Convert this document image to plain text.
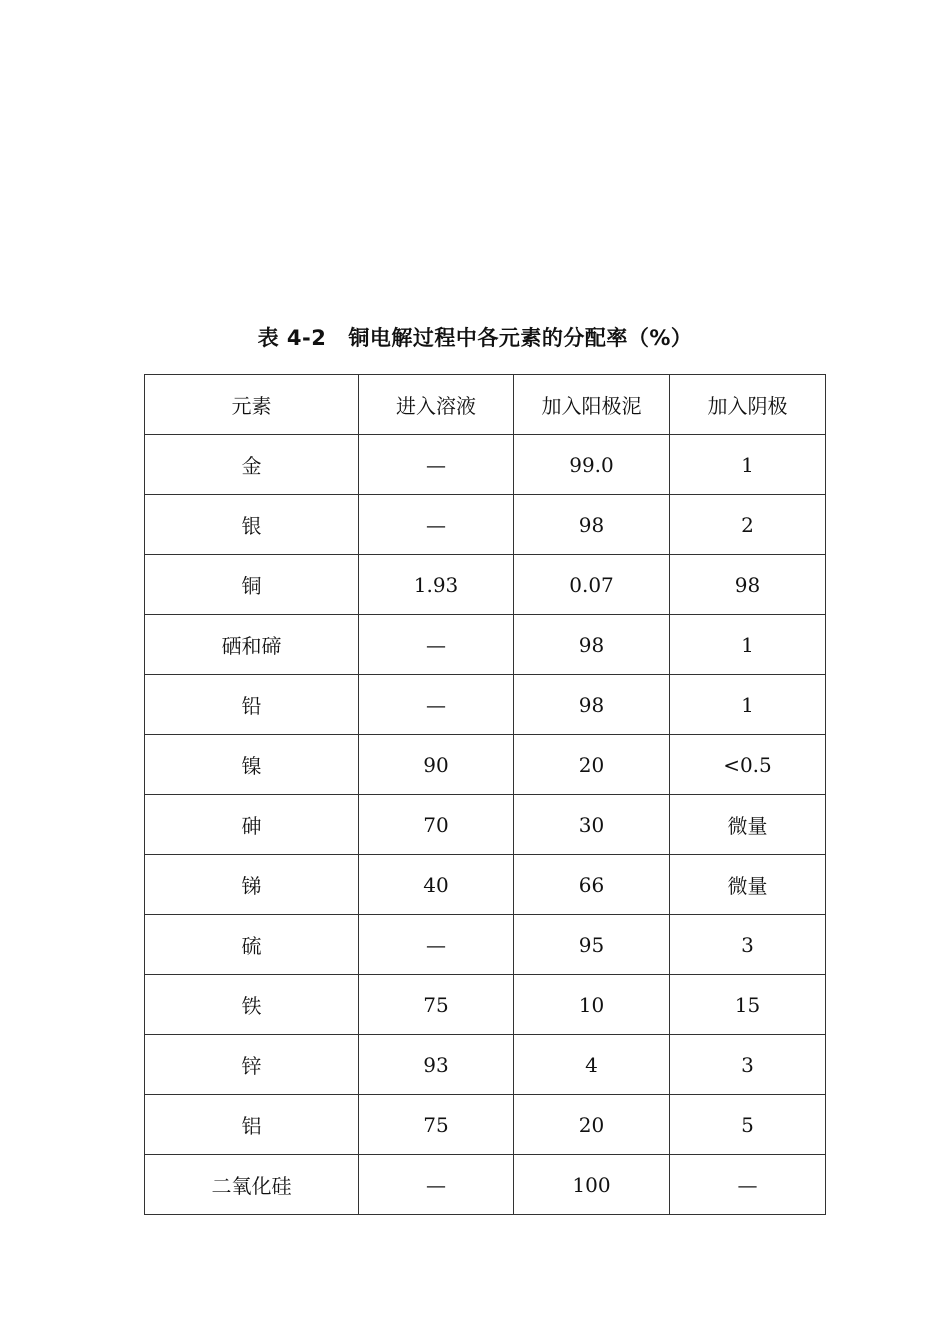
表 4-2 铜电解过程中各元素的分配率（%）
元素	进入溶液	加入阳极泥	加入阴极
金	—	99.0	1
银	—	98	2
铜	1.93	0.07	98
硒和碲	—	98	1
铅	—	98	1
镍	90	20	<0.5
砷	70	30	微量
锑	40	66	微量
硫	—	95	3
铁	75	10	15
锌	93	4	3
铝	75	20	5
二氧化硅	—	100	—
